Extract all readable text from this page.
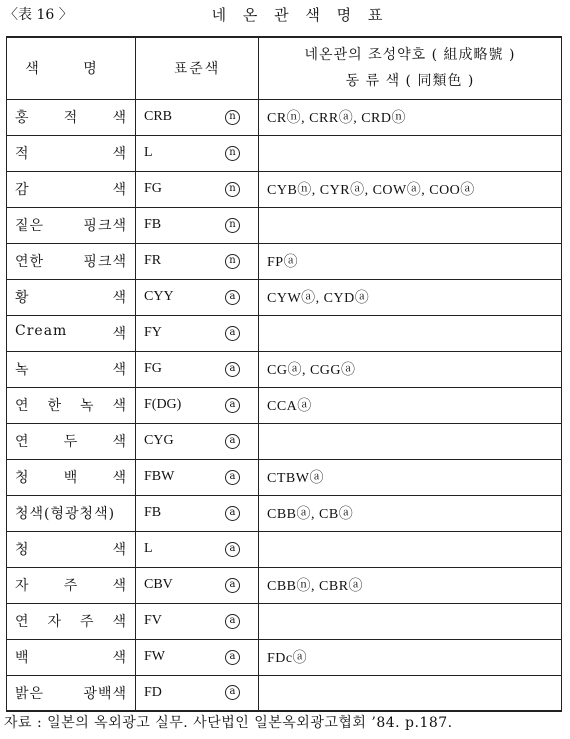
〈表 16 〉	네 온 관 색 명 표
색 명	표준색	네온관의 조성약호 ( 組成略號 )
동 류 색 ( 同類色 )

홍 적 색	CRB n	CRⓝ, CRRⓐ, CRDⓝ

적 색	L n	

감 색	FG n	CYBⓝ, CYRⓐ, COWⓐ, COOⓐ

짙은 핑크색	FB n	

연한 핑크색	FR n	FPⓐ

황 색	CYY a	CYWⓐ, CYDⓐ

Cream 색	FY a	

녹 색	FG a	CGⓐ, CGGⓐ

연 한 녹 색	F(DG) a	CCAⓐ

연 두 색	CYG a	

청 백 색	FBW a	CTBWⓐ

청색(형광청색)	FB a	CBBⓐ, CBⓐ

청 색	L a	

자 주 색	CBV a	CBBⓝ, CBRⓐ

연 자 주 색	FV a	

백 색	FW a	FDcⓐ

밝은 광백색	FD a	

자료 : 일본의 옥외광고 실무. 사단법인 일본옥외광고협회 ’84. p.187.
